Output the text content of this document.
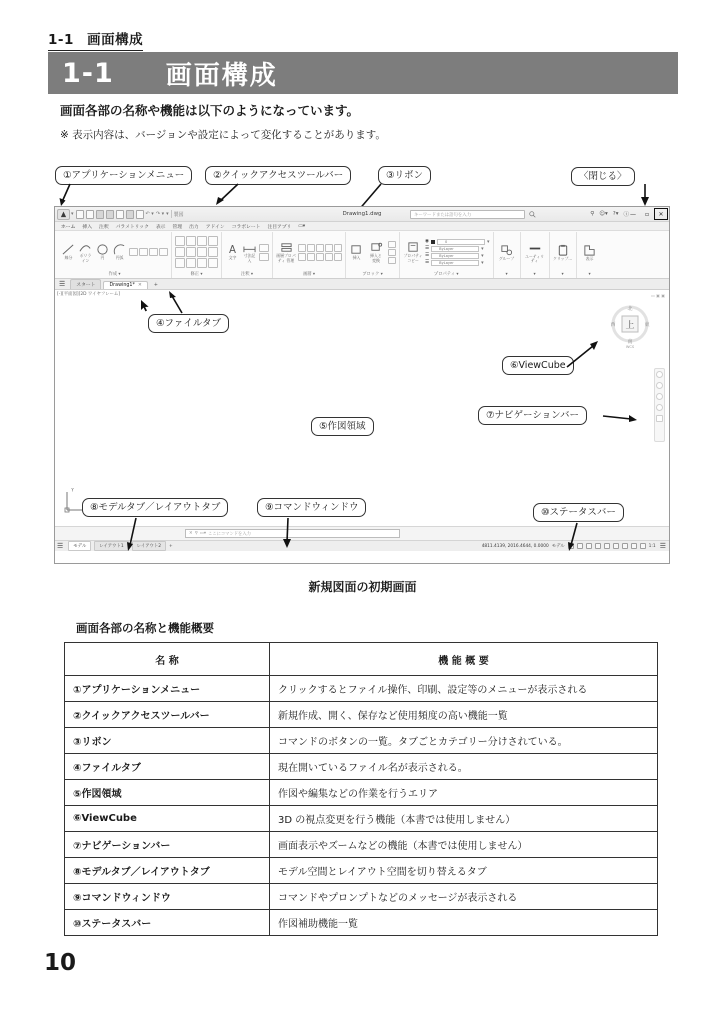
1-1 画面構成
1-1 画面構成
画面各部の名称や機能は以下のようになっています。
※ 表示内容は、バージョンや設定によって変化することがあります。
①アプリケーションメニュー	②クイックアクセスツールバー	③リボン	〈閉じる〉
▾	↶ ▾ ↷ ▾ ▾ 製図	Drawing1.dwg	キーワードまたは語句を入力	⚲ ☺▾ ?▾ ⓘ —	▫	✕
ホーム 挿入 注釈 パラメトリック 表示 管理 出力 アドイン コラボレート 注目アプリ ▭▾
線分	ポリライン	円	円弧
作成 ▾	修正 ▾
A
文字	寸法記入
注釈 ▾
画層プロパティ 管理
画層 ▾
挿入	挿入と
変換
ブロック ▾
プロパティ
コピー
◉	0	▾
☰	ByLayer	▾
☰	ByLayer	▾
☰	ByLayer	▾
プロパティ ▾
グループ
▾
ユーティリティ
▾
クリップ...
▾
表示
▾
☰	スタート	Drawing1* ✕	+
[-][平面図][2D ワイヤフレーム]
Y
上
北
南
東
西
WCS
▭ ▣ ▣
✕ ⚲ ▭▾ ここにコマンドを入力
☰	モデル	レイアウト1	レイアウト2	+	4811.4139, 2016.4644, 0.0000 モデル	1:1 ☰
④ファイルタブ
⑥ViewCube
⑦ナビゲーションバー
⑤作図領域
⑧モデルタブ／レイアウトタブ	⑨コマンドウィンドウ	⑩ステータスバー
新規図面の初期画面
画面各部の名称と機能概要
名 称	機 能 概 要
①アプリケーションメニュー	クリックするとファイル操作、印刷、設定等のメニューが表示される
②クイックアクセスツールバー	新規作成、開く、保存など使用頻度の高い機能一覧
③リボン	コマンドのボタンの一覧。タブごとカテゴリー分けされている。
④ファイルタブ	現在開いているファイル名が表示される。
⑤作図領域	作図や編集などの作業を行うエリア
⑥ViewCube	3D の視点変更を行う機能（本書では使用しません）
⑦ナビゲーションバー	画面表示やズームなどの機能（本書では使用しません）
⑧モデルタブ／レイアウトタブ	モデル空間とレイアウト空間を切り替えるタブ
⑨コマンドウィンドウ	コマンドやプロンプトなどのメッセージが表示される
⑩ステータスバー	作図補助機能一覧
10
